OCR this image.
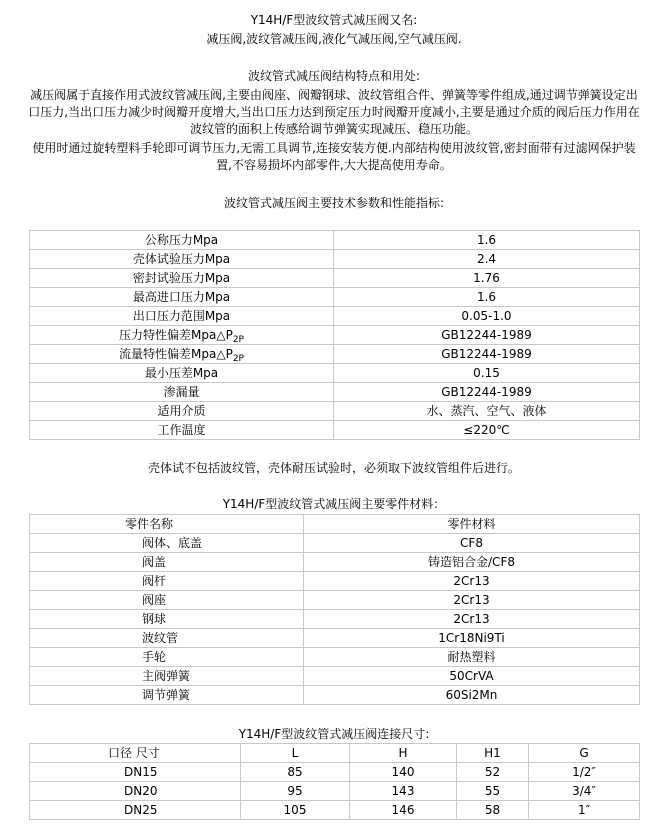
Y14H/F型波纹管式减压阀又名:
减压阀,波纹管减压阀,液化气减压阀,空气减压阀.
波纹管式减压阀结构特点和用处:
减压阀属于直接作用式波纹管减压阀,主要由阀座、阀瓣钢球、波纹管组合件、弹簧等零件组成,通过调节弹簧设定出
口压力,当出口压力减少时阀瓣开度增大,当出口压力达到预定压力时阀瓣开度减小,主要是通过介质的阀后压力作用在
波纹管的面积上传感给调节弹簧实现减压、稳压功能。
使用时通过旋转塑料手轮即可调节压力,无需工具调节,连接安装方便.内部结构使用波纹管,密封面带有过滤网保护装
置,不容易损坏内部零件,大大提高使用寿命。
波纹管式减压阀主要技术参数和性能指标:
公称压力Mpa	1.6
壳体试验压力Mpa	2.4
密封试验压力Mpa	1.76
最高进口压力Mpa	1.6
出口压力范围Mpa	0.05-1.0
压力特性偏差$Mpa\triangle P_{2P}$	GB12244-1989
流量特性偏差$Mpa\triangle P_{2P}$	GB12244-1989
最小压差Mpa	0.15
渗漏量	GB12244-1989
适用介质	水、蒸汽、空气、液体
工作温度	≤220℃
壳体试不包括波纹管，壳体耐压试验时，必须取下波纹管组件后进行。
Y14H/F型波纹管式减压阀主要零件材料：
零件名称	零件材料
阀体、底盖	CF8
阀盖	铸造铝合金/CF8
阀杆	2Cr13
阀座	2Cr13
钢球	2Cr13
波纹管	1Cr18Ni9Ti
手轮	耐热塑料
主阀弹簧	50CrVA
调节弹簧	60Si2Mn
Y14H/F型波纹管式减压阀连接尺寸:
口径 尺寸	L	H	H1	G
DN15	85	140	52	1/2″
DN20	95	143	55	3/4″
DN25	105	146	58	1″
